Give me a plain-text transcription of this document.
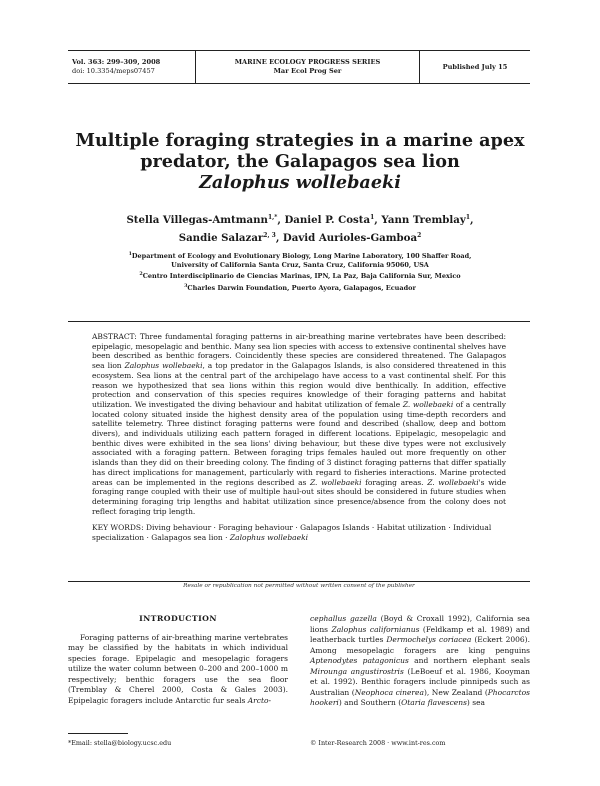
Vol. 363: 299–309, 2008
doi: 10.3354/meps07457
MARINE ECOLOGY PROGRESS SERIES
Mar Ecol Prog Ser
Published July 15
Multiple foraging strategies in a marine apex
predator, the Galapagos sea lion
Zalophus wollebaeki
Stella Villegas-Amtmann$^{1,*}$, Daniel P. Costa$^1$, Yann Tremblay$^1$,
Sandie Salazar$^{2, 3}$, David Aurioles-Gamboa$^2$
$^1$Department of Ecology and Evolutionary Biology, Long Marine Laboratory, 100 Shaffer Road,
University of California Santa Cruz, Santa Cruz, California 95060, USA
$^2$Centro Interdisciplinario de Ciencias Marinas, IPN, La Paz, Baja California Sur, Mexico
$^3$Charles Darwin Foundation, Puerto Ayora, Galapagos, Ecuador

ABSTRACT: Three fundamental foraging patterns in air-breathing marine vertebrates have been described: epipelagic, mesopelagic and benthic. Many sea lion species with access to extensive continental shelves have been described as benthic foragers. Coincidently these species are considered threatened. The Galapagos sea lion Zalophus wollebaeki, a top predator in the Galapagos Islands, is also considered threatened in this ecosystem. Sea lions at the central part of the archipelago have access to a vast continental shelf. For this reason we hypothesized that sea lions within this region would dive benthically. In addition, effective protection and conservation of this species requires knowledge of their foraging patterns and habitat utilization. We investigated the diving behaviour and habitat utilization of female Z. wollebaeki of a centrally located colony situated inside the highest density area of the population using time-depth recorders and satellite telemetry. Three distinct foraging patterns were found and described (shallow, deep and bottom divers), and individuals utilizing each pattern foraged in different locations. Epipelagic, mesopelagic and benthic dives were exhibited in the sea lions' diving behaviour, but these dive types were not exclusively associated with a foraging pattern. Between foraging trips females hauled out more frequently on other islands than they did on their breeding colony. The finding of 3 distinct foraging patterns that differ spatially has direct implications for management, particularly with regard to fisheries interactions. Marine protected areas can be implemented in the regions described as Z. wollebaeki foraging areas. Z. wollebaeki's wide foraging range coupled with their use of multiple haul-out sites should be considered in future studies when determining foraging trip lengths and habitat utilization since presence/absence from the colony does not reflect foraging trip length.

KEY WORDS: Diving behaviour · Foraging behaviour · Galapagos Islands · Habitat utilization · Individual specialization · Galapagos sea lion · Zalophus wollebaeki

Resale or republication not permitted without written consent of the publisher
INTRODUCTION

Foraging patterns of air-breathing marine vertebrates may be classified by the habitats in which individual species forage. Epipelagic and mesopelagic foragers utilize the water column between 0–200 and 200–1000 m respectively; benthic foragers use the sea floor (Tremblay & Cherel 2000, Costa & Gales 2003). Epipelagic foragers include Antarctic fur seals Arcto-

cephallus gazella (Boyd & Croxall 1992), California sea lions Zalophus californianus (Feldkamp et al. 1989) and leatherback turtles Dermochelys coriacea (Eckert 2006). Among mesopelagic foragers are king penguins Aptenodytes patagonicus and northern elephant seals Mirounga angustirostris (LeBoeuf et al. 1986, Kooyman et al. 1992). Benthic foragers include pinnipeds such as Australian (Neophoca cinerea), New Zealand (Phocarctos hookeri) and Southern (Otaria flavescens) sea

*Email: stella@biology.ucsc.edu	© Inter-Research 2008 · www.int-res.com
